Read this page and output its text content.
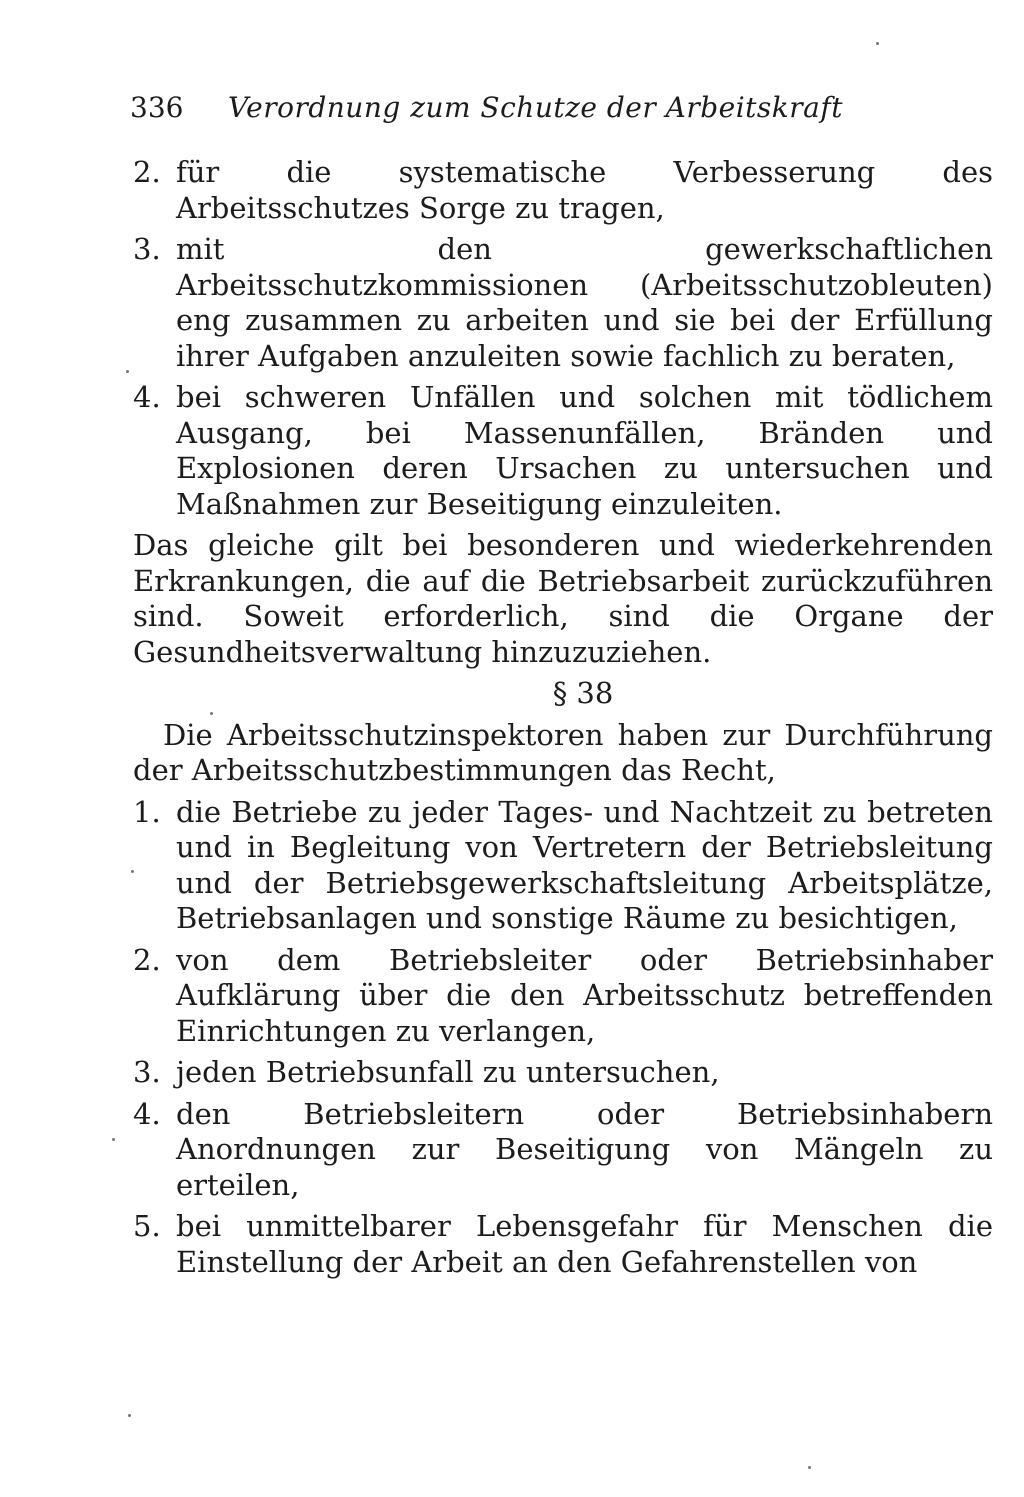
336 Verordnung zum Schutze der Arbeitskraft
2. für die systematische Verbesserung des Arbeitsschutzes Sorge zu tragen,
3. mit den gewerkschaftlichen Arbeitsschutzkommissionen (Arbeitsschutzobleuten) eng zusammen zu arbeiten und sie bei der Erfüllung ihrer Aufgaben anzuleiten sowie fachlich zu beraten,
4. bei schweren Unfällen und solchen mit tödlichem Ausgang, bei Massenunfällen, Bränden und Explosionen deren Ursachen zu untersuchen und Maßnahmen zur Beseitigung einzuleiten.

Das gleiche gilt bei besonderen und wiederkehrenden Erkrankungen, die auf die Betriebsarbeit zurückzuführen sind. Soweit erforderlich, sind die Organe der Gesundheitsverwaltung hinzuzuziehen.

§ 38

Die Arbeitsschutzinspektoren haben zur Durchführung der Arbeitsschutzbestimmungen das Recht,

1. die Betriebe zu jeder Tages- und Nachtzeit zu betreten und in Begleitung von Vertretern der Betriebsleitung und der Betriebsgewerkschaftsleitung Arbeitsplätze, Betriebsanlagen und sonstige Räume zu besichtigen,
2. von dem Betriebsleiter oder Betriebsinhaber Aufklärung über die den Arbeitsschutz betreffenden Einrichtungen zu verlangen,
3. jeden Betriebsunfall zu untersuchen,
4. den Betriebsleitern oder Betriebsinhabern Anordnungen zur Beseitigung von Mängeln zu erteilen,
5. bei unmittelbarer Lebensgefahr für Menschen die Einstellung der Arbeit an den Gefahrenstellen von
